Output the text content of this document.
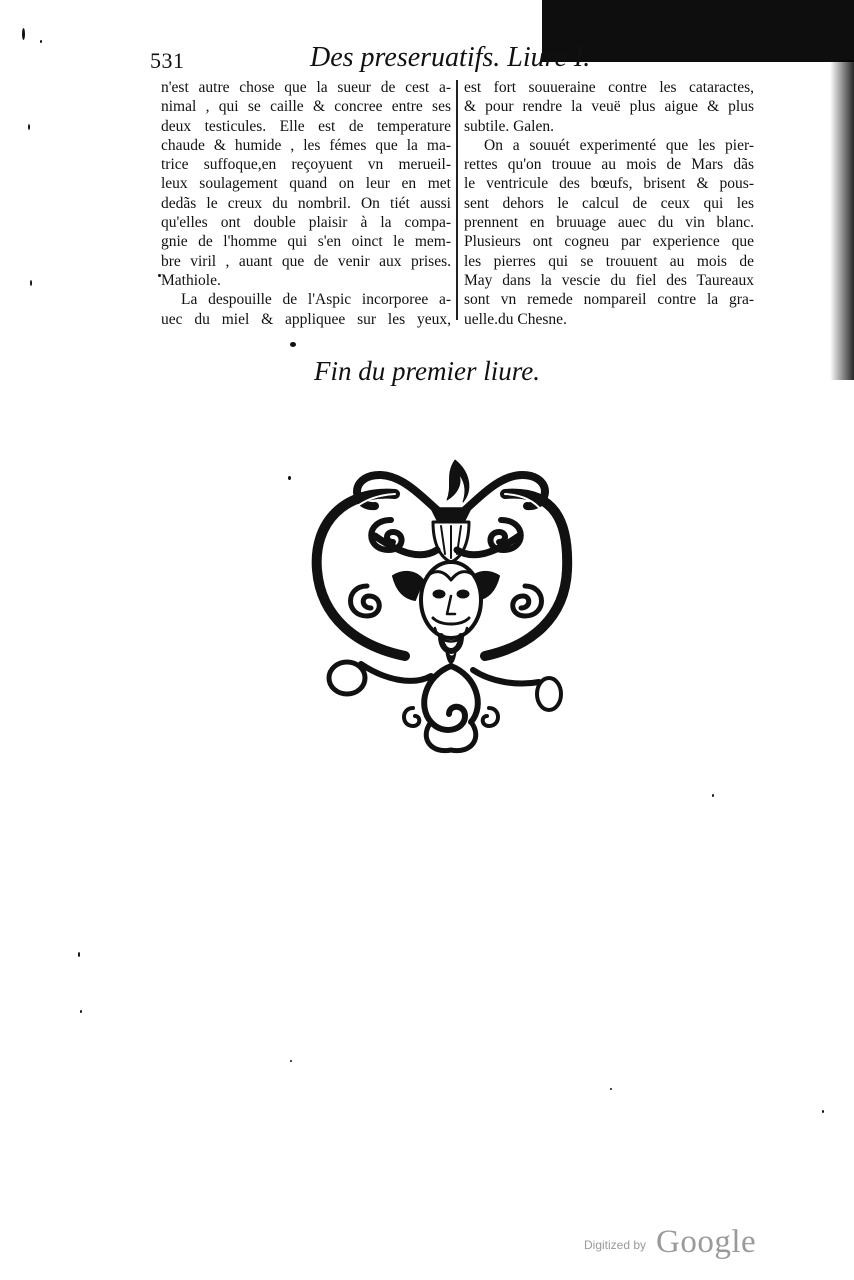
531	Des preseruatifs. Liure I.

n'est autre chose que la sueur de cest a-
nimal , qui se caille & concree entre ses
deux testicules. Elle est de temperature
chaude & humide , les fémes que la ma-
trice suffoque,en reçoyuent vn merueil-
leux soulagement quand on leur en met
dedãs le creux du nombril. On tiét aussi
qu'elles ont double plaisir à la compa-
gnie de l'homme qui s'en oinct le mem-
bre viril , auant que de venir aux prises.
Mathiole.

La despouille de l'Aspic incorporee a-
uec du miel & appliquee sur les yeux,

est fort souueraine contre les cataractes,
& pour rendre la veuë plus aigue & plus
subtile. Galen.

On a souuét experimenté que les pier-
rettes qu'on trouue au mois de Mars dãs
le ventricule des bœufs, brisent & pous-
sent dehors le calcul de ceux qui les
prennent en bruuage auec du vin blanc.
Plusieurs ont cogneu par experience que
les pierres qui se trouuent au mois de
May dans la vescie du fiel des Taureaux
sont vn remede nompareil contre la gra-
uelle.du Chesne.

Fin du premier liure.
Digitized by Google
